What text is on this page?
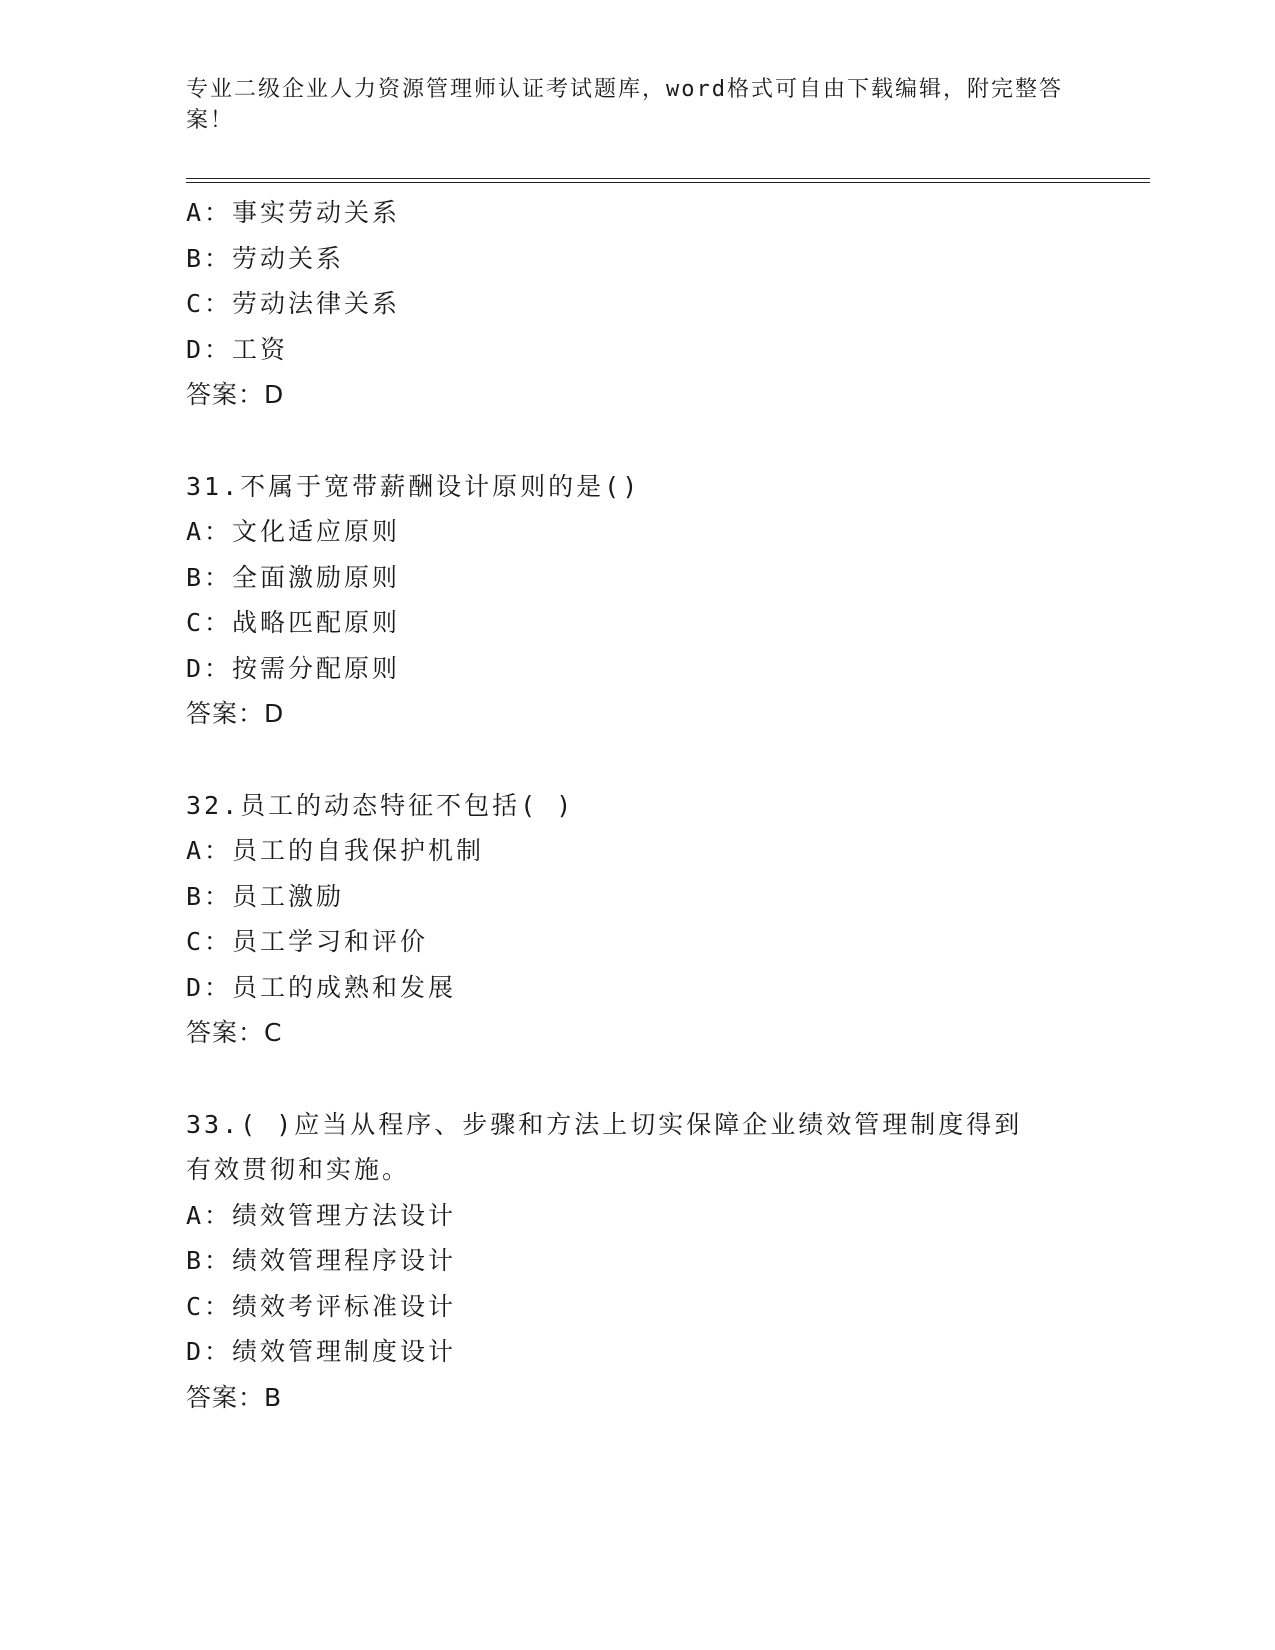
专业二级企业人力资源管理师认证考试题库，word格式可自由下载编辑，附完整答案！
A：事实劳动关系
B：劳动关系
C：劳动法律关系
D：工资
答案：D
31.不属于宽带薪酬设计原则的是()
A：文化适应原则
B：全面激励原则
C：战略匹配原则
D：按需分配原则
答案：D
32.员工的动态特征不包括( )
A：员工的自我保护机制
B：员工激励
C：员工学习和评价
D：员工的成熟和发展
答案：C
33.( )应当从程序、步骤和方法上切实保障企业绩效管理制度得到有效贯彻和实施。
A：绩效管理方法设计
B：绩效管理程序设计
C：绩效考评标准设计
D：绩效管理制度设计
答案：B
